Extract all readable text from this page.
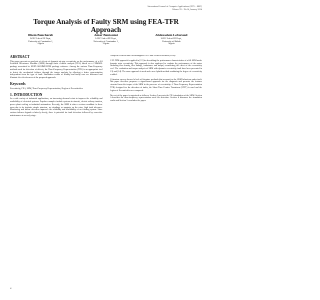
International Journal of Computer Applications (0975 – 8887)
Volume 93 – No.14, January 2014
Torque Analysis of Faulty SRM using FEA-TFR Approach
Ilhem Bouchareb
LGEC Lab of EE Dept.,
University of Constantine 1,
Algeria
Amar Bentounsi
LGEC Lab of EE Dept.,
University of Constantine 1,
Algeria
Abdesselem Lebaroud
LGEC Lab of EE Dept.,
University of Skikda
Algeria
ABSTRACT

This paper presents an analysis of effects of dynamic air-gap eccentricity on the performance of a 6/4 Switched Reluctance Machine (SRM) through finite element analysis (FEA) based on a COMSOL package associated to MATLAB/SIMULINK package software. Among the various Time-Frequency methods used for detection of defects, the Time-Frequency Representation (TFR) is an appropriate tool to detect the mechanical failures through the torque analysis by allowing a better representation independent from the type of fault. Simulation results of healthy and faulty case are discussed and illustrate the effectiveness of the proposed approach.

Keywords
Eccentricity, FEA, SRM, Time-Frequency Representation, Region of Eccentricities
1. INTRODUCTION

In a wide variety of industrial applications, an increasing demand exists to improve the reliability and availability of electrical systems. Popular examples include systems in aircraft, electric railway traction, power plant cooling or industrial automation. Recently, the SRM is often a serious candidate in these areas due to its intrinsic simple structure, no windings or magnets on the rotor, high fault tolerance. Monitoring and failure detection improves the reliability and availability of an existing system. Since various failures degrade relatively slowly, there is potential for fault detection followed by corrective maintenance at an early stage.

a coupled electrical and electromagnetic 2D Finite Element Method (FEM).

A 2D FEM approach is applied in [12] for describing the performance characteristics of a 6/4 SRM under dynamic rotor eccentricity. This approach is also employed to evaluate the performance of the motor (including flux density, flux linkage, inductance and torque) considering the effect of the eccentricity level. The evaluation and torque analysis of SRM with dynamic eccentricity fault have been presented in [13] and [14]. The same approach is used and a new hybrid method combining the degree of eccentricity is added.

A literature survey showed a lack of literature methods that account for the SRM behaviour under fault. This paper therefore proposes a signal-based approach for the diagnosis and presents the features extracted from the torque of the SRM in the presence of eccentricity. A Time-Frequency Representation (TFR) designed for the detection of faults, the Short Time Fourier Transform (STFT) is used and the Region of Eccentricities are compared.

The rest of the paper is organized as follows: Section 2 presents the FEA simulation of the SRM. Section 3 describes the time-frequency representation used for detection. Section 4 discusses the simulation results and Section 5 concludes the paper.

40
